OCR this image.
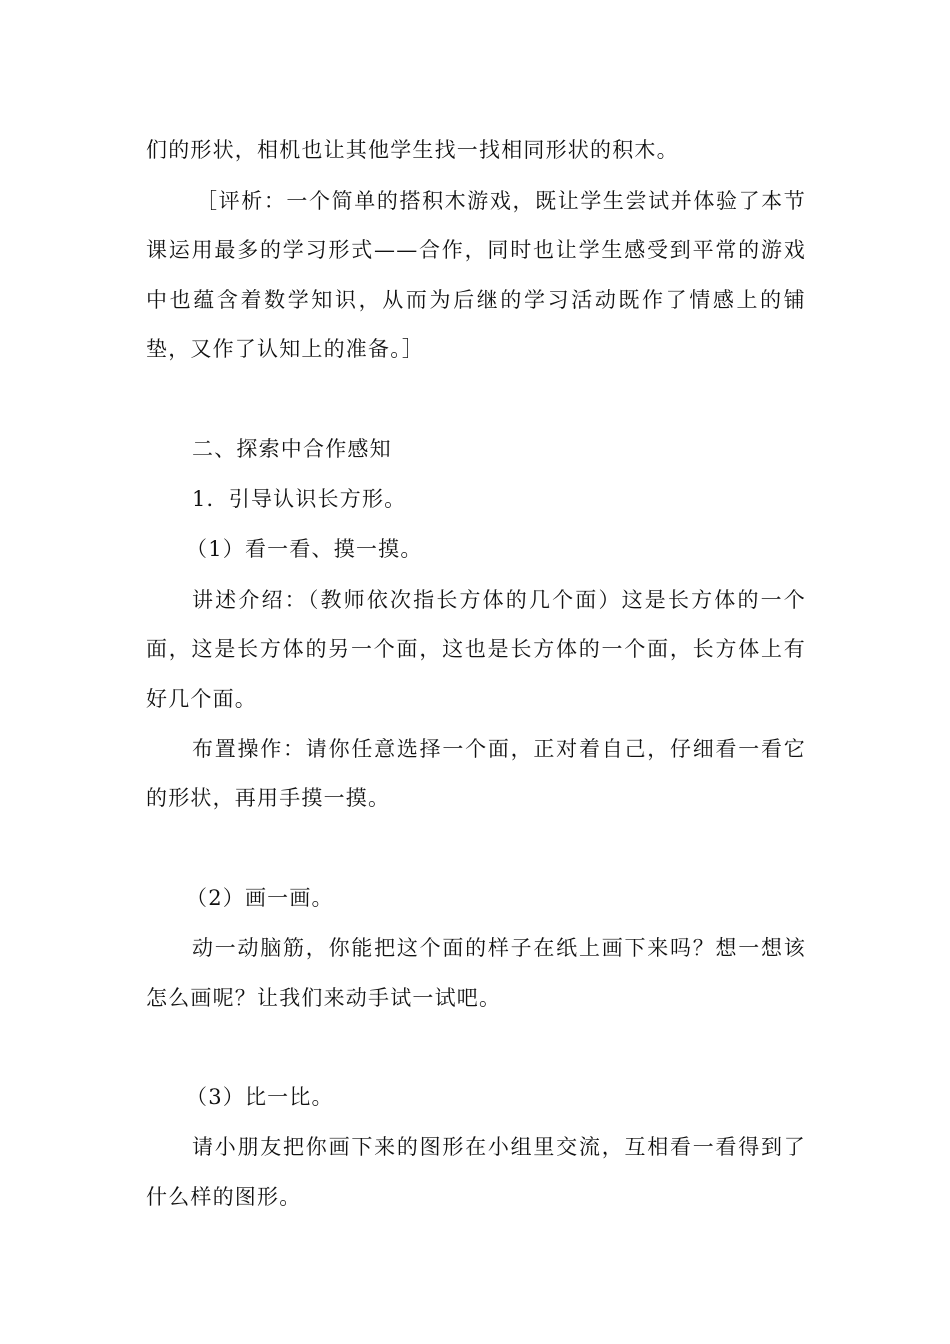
们的形状，相机也让其他学生找一找相同形状的积木。
［评析：一个简单的搭积木游戏，既让学生尝试并体验了本节
课运用最多的学习形式——合作，同时也让学生感受到平常的游戏
中也蕴含着数学知识，从而为后继的学习活动既作了情感上的铺
垫，又作了认知上的准备。］
二、探索中合作感知
1．引导认识长方形。
（1）看一看、摸一摸。
讲述介绍：（教师依次指长方体的几个面）这是长方体的一个
面，这是长方体的另一个面，这也是长方体的一个面，长方体上有
好几个面。
布置操作：请你任意选择一个面，正对着自己，仔细看一看它
的形状，再用手摸一摸。
（2）画一画。
动一动脑筋，你能把这个面的样子在纸上画下来吗？想一想该
怎么画呢？让我们来动手试一试吧。
（3）比一比。
请小朋友把你画下来的图形在小组里交流，互相看一看得到了
什么样的图形。
